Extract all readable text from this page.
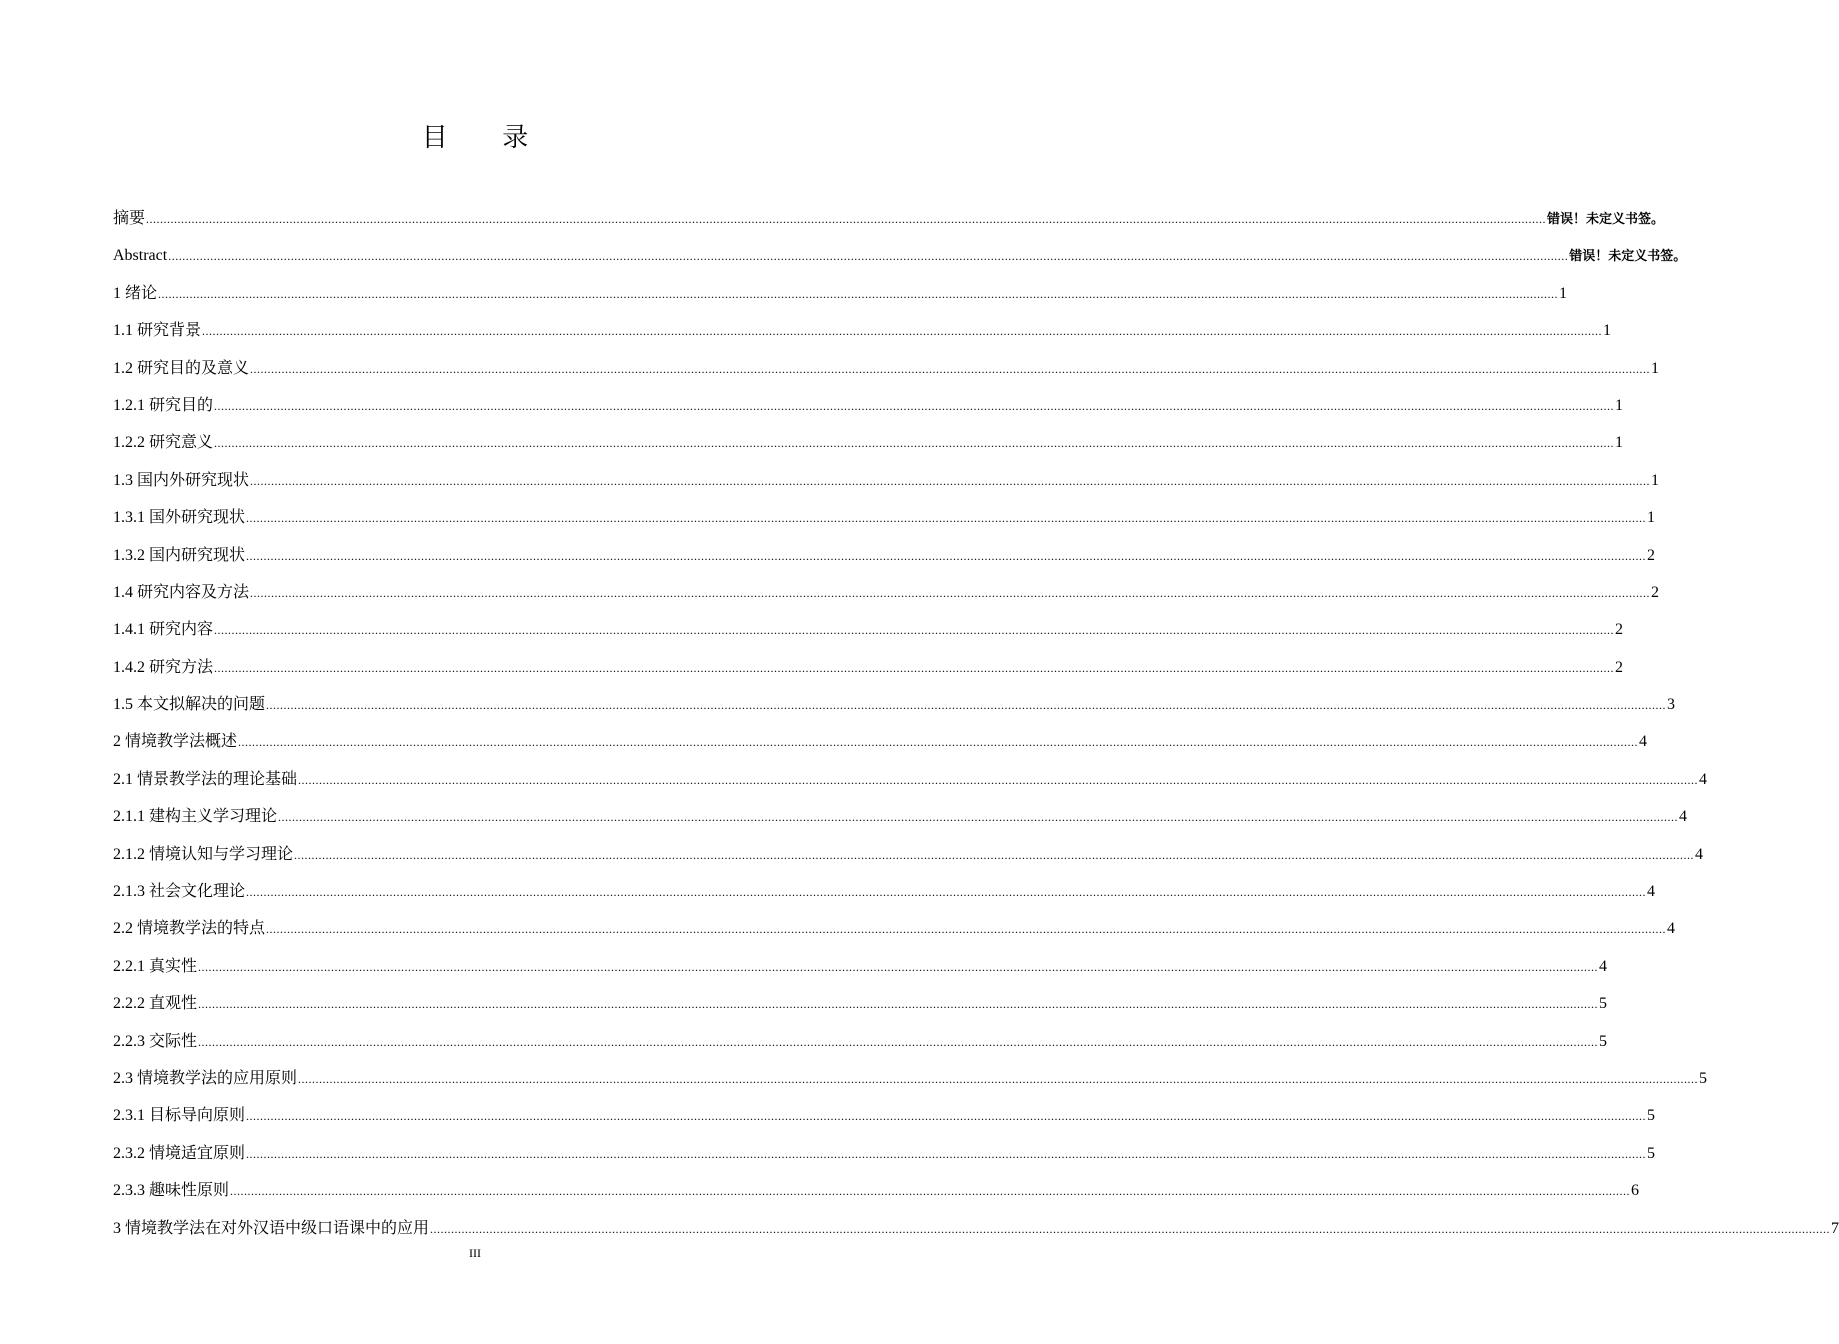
目 录
摘要 ................................................................................................................................................................................................................................................................................................................................................................................................................ 错误！未定义书签。
Abstract ................................................................................................................................................................................................................................................................................................................................................................................................................ 错误！未定义书签。
1 绪论 ................................................................................................................................................................................................................................................................................................................................................................................................................ 1
1.1 研究背景 ................................................................................................................................................................................................................................................................................................................................................................................................................ 1
1.2 研究目的及意义 ................................................................................................................................................................................................................................................................................................................................................................................................................ 1
1.2.1 研究目的 ................................................................................................................................................................................................................................................................................................................................................................................................................ 1
1.2.2 研究意义 ................................................................................................................................................................................................................................................................................................................................................................................................................ 1
1.3 国内外研究现状 ................................................................................................................................................................................................................................................................................................................................................................................................................ 1
1.3.1 国外研究现状 ................................................................................................................................................................................................................................................................................................................................................................................................................ 1
1.3.2 国内研究现状 ................................................................................................................................................................................................................................................................................................................................................................................................................ 2
1.4 研究内容及方法 ................................................................................................................................................................................................................................................................................................................................................................................................................ 2
1.4.1 研究内容 ................................................................................................................................................................................................................................................................................................................................................................................................................ 2
1.4.2 研究方法 ................................................................................................................................................................................................................................................................................................................................................................................................................ 2
1.5 本文拟解决的问题 ................................................................................................................................................................................................................................................................................................................................................................................................................ 3
2 情境教学法概述 ................................................................................................................................................................................................................................................................................................................................................................................................................ 4
2.1 情景教学法的理论基础 ................................................................................................................................................................................................................................................................................................................................................................................................................ 4
2.1.1 建构主义学习理论 ................................................................................................................................................................................................................................................................................................................................................................................................................ 4
2.1.2 情境认知与学习理论 ................................................................................................................................................................................................................................................................................................................................................................................................................ 4
2.1.3 社会文化理论 ................................................................................................................................................................................................................................................................................................................................................................................................................ 4
2.2 情境教学法的特点 ................................................................................................................................................................................................................................................................................................................................................................................................................ 4
2.2.1 真实性 ................................................................................................................................................................................................................................................................................................................................................................................................................ 4
2.2.2 直观性 ................................................................................................................................................................................................................................................................................................................................................................................................................ 5
2.2.3 交际性 ................................................................................................................................................................................................................................................................................................................................................................................................................ 5
2.3 情境教学法的应用原则 ................................................................................................................................................................................................................................................................................................................................................................................................................ 5
2.3.1 目标导向原则 ................................................................................................................................................................................................................................................................................................................................................................................................................ 5
2.3.2 情境适宜原则 ................................................................................................................................................................................................................................................................................................................................................................................................................ 5
2.3.3 趣味性原则 ................................................................................................................................................................................................................................................................................................................................................................................................................ 6
3 情境教学法在对外汉语中级口语课中的应用 ................................................................................................................................................................................................................................................................................................................................................................................................................ 7
III
